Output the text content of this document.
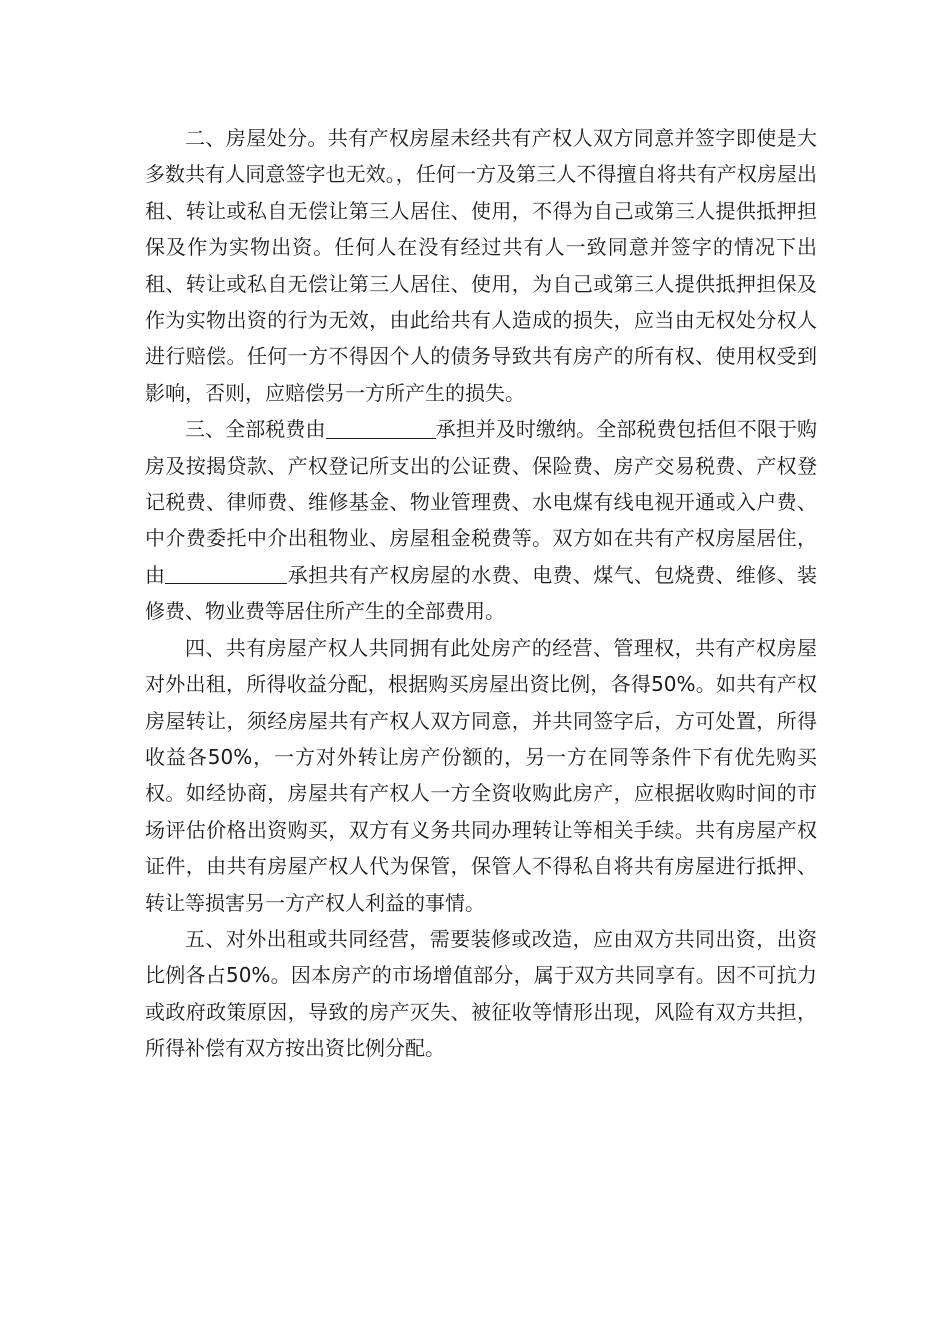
二、房屋处分。共有产权房屋未经共有产权人双方同意并签字即使是大多数共有人同意签字也无效。，任何一方及第三人不得擅自将共有产权房屋出租、转让或私自无偿让第三人居住、使用，不得为自己或第三人提供抵押担保及作为实物出资。任何人在没有经过共有人一致同意并签字的情况下出租、转让或私自无偿让第三人居住、使用，为自己或第三人提供抵押担保及作为实物出资的行为无效，由此给共有人造成的损失，应当由无权处分权人进行赔偿。任何一方不得因个人的债务导致共有房产的所有权、使用权受到影响，否则，应赔偿另一方所产生的损失。

三、全部税费由	承担并及时缴纳。全部税费包括但不限于购房及按揭贷款、产权登记所支出的公证费、保险费、房产交易税费、产权登记税费、律师费、维修基金、物业管理费、水电煤有线电视开通或入户费、中介费委托中介出租物业、房屋租金税费等。双方如在共有产权房屋居住，由	承担共有产权房屋的水费、电费、煤气、包烧费、维修、装修费、物业费等居住所产生的全部费用。

四、共有房屋产权人共同拥有此处房产的经营、管理权，共有产权房屋对外出租，所得收益分配，根据购买房屋出资比例，各得50%。如共有产权房屋转让，须经房屋共有产权人双方同意，并共同签字后，方可处置，所得收益各50%，一方对外转让房产份额的，另一方在同等条件下有优先购买权。如经协商，房屋共有产权人一方全资收购此房产，应根据收购时间的市场评估价格出资购买，双方有义务共同办理转让等相关手续。共有房屋产权证件，由共有房屋产权人代为保管，保管人不得私自将共有房屋进行抵押、转让等损害另一方产权人利益的事情。

五、对外出租或共同经营，需要装修或改造，应由双方共同出资，出资比例各占50%。因本房产的市场增值部分，属于双方共同享有。因不可抗力或政府政策原因，导致的房产灭失、被征收等情形出现，风险有双方共担，所得补偿有双方按出资比例分配。
